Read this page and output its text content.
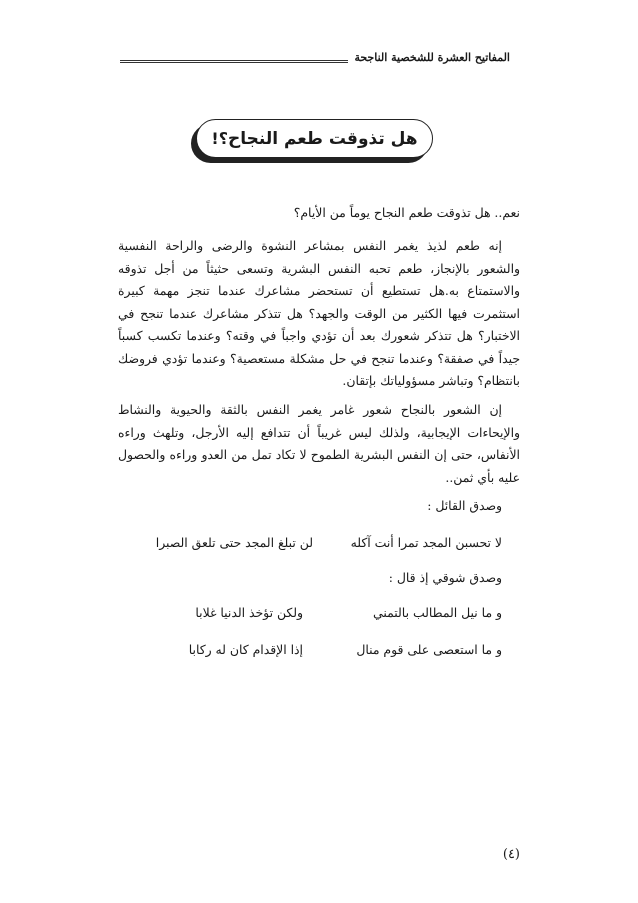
المفاتيح العشرة للشخصية الناجحة
هل تذوقت طعم النجاح
؟!
نعم.. هل تذوقت طعم النجاح يوماً من الأيام؟
إنه طعم لذيذ يغمر النفس بمشاعر النشوة والرضى والراحة النفسية والشعور بالإنجاز، طعم تحبه النفس البشرية وتسعى حثيثاً من أجل تذوقه والاستمتاع به.هل تستطيع أن تستحضر مشاعرك عندما تنجز مهمة كبيرة استثمرت فيها الكثير من الوقت والجهد؟ هل تتذكر مشاعرك عندما تنجح في الاختبار؟ هل تتذكر شعورك بعد أن تؤدي واجباً في وقته؟ وعندما تكسب كسباً جيداً في صفقة؟ وعندما تنجح في حل مشكلة مستعصية؟ وعندما تؤدي فروضك بانتظام؟ وتباشر مسؤولياتك بإتقان.
إن الشعور بالنجاح شعور غامر يغمر النفس بالثقة والحيوية والنشاط والإيحاءات الإيجابية، ولذلك ليس غريباً أن تتدافع إليه الأرجل، وتلهث وراءه الأنفاس، حتى إن النفس البشرية الطموح لا تكاد تمل من العدو وراءه والحصول عليه بأي ثمن..
وصدق القائل :
لا تحسبن المجد تمرا أنت آكله
لن تبلغ المجد حتى تلعق الصبرا
وصدق شوقي إذ قال :
و ما نيل المطالب بالتمني
ولكن تؤخذ الدنيا غلابا
و ما استعصى على قوم منال
إذا الإقدام كان له ركابا
(٤)
